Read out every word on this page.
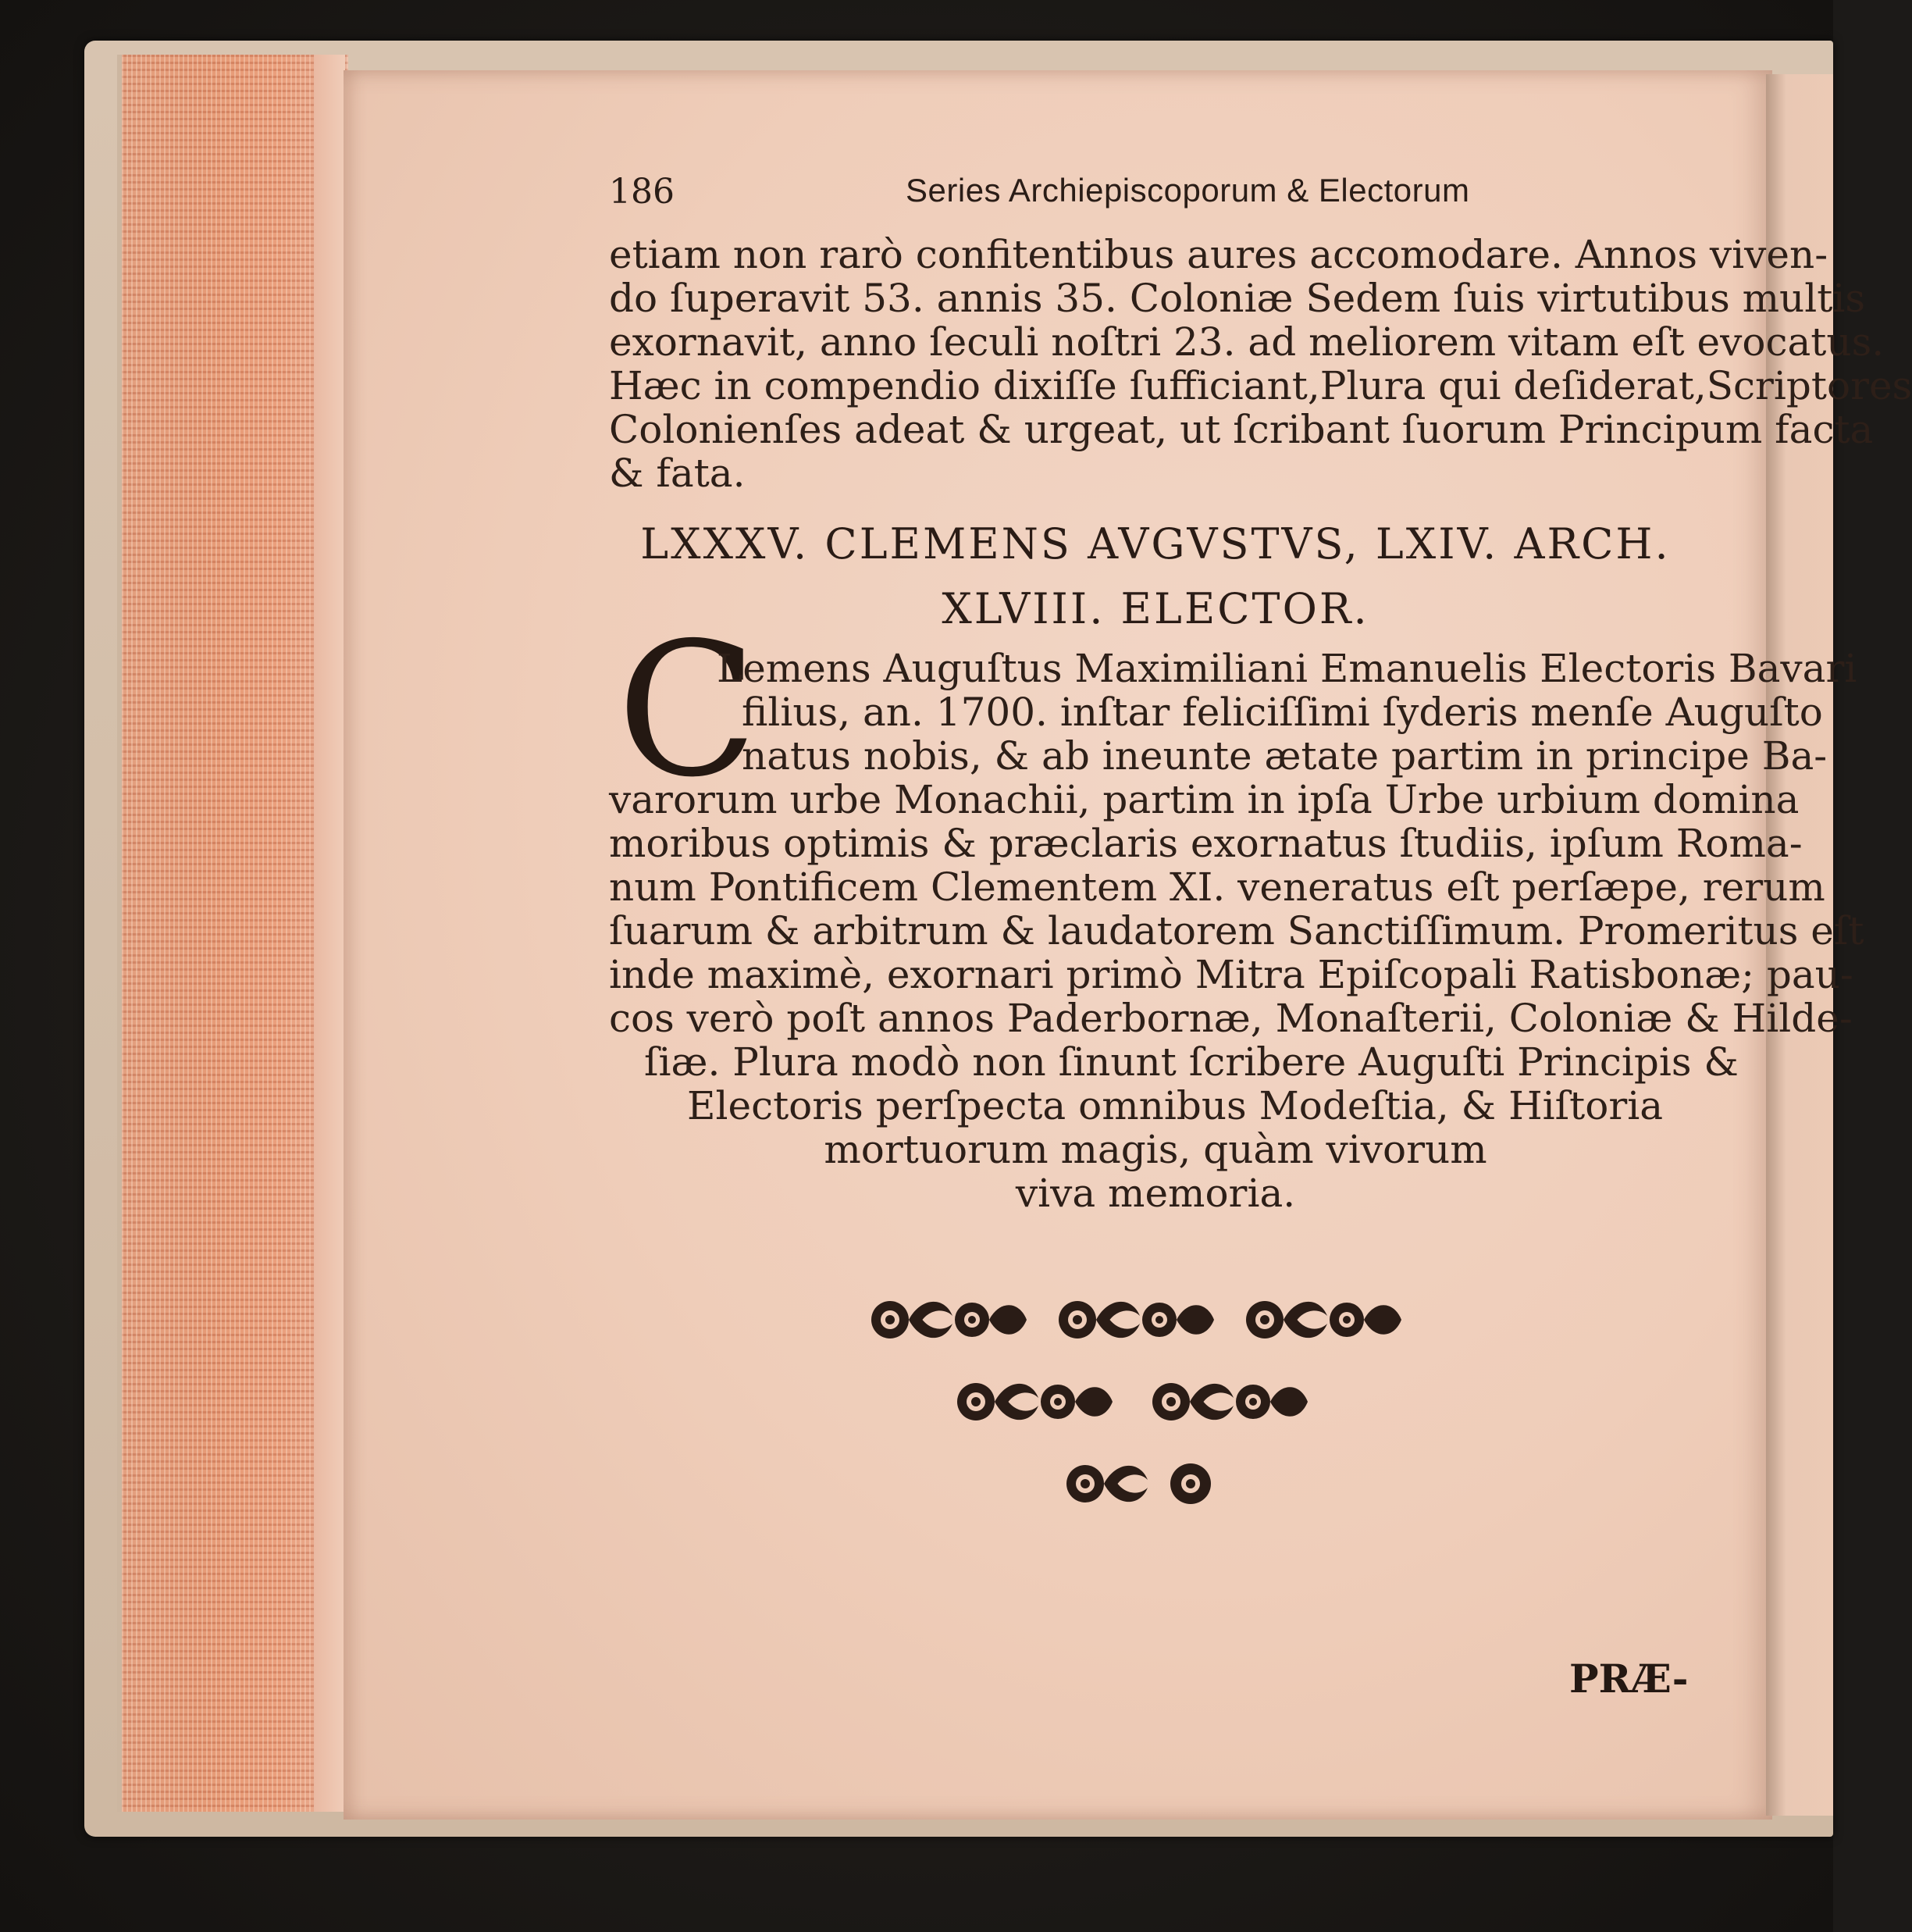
186	Series Archiepiscoporum & Electorum
etiam non rarò confitentibus aures accomodare. Annos viven-
do ſuperavit 53. annis 35. Coloniæ Sedem ſuis virtutibus multis
exornavit, anno ſeculi noſtri 23. ad meliorem vitam eſt evocatus.
Hæc in compendio dixiſſe ſufficiant,Plura qui deſiderat,Scriptores
Colonienſes adeat & urgeat, ut ſcribant ſuorum Principum facta
& fata.
LXXXV. CLEMENS AVGVSTVS, LXIV. ARCH.
XLVIII. ELECTOR.
C
Lemens Auguſtus Maximiliani Emanuelis Electoris Bavari
filius, an. 1700. inſtar feliciſſimi ſyderis menſe Auguſto
natus nobis, & ab ineunte ætate partim in principe Ba-
varorum urbe Monachii, partim in ipſa Urbe urbium domina
moribus optimis & præclaris exornatus ſtudiis, ipſum Roma-
num Pontificem Clementem XI. veneratus eſt perſæpe, rerum
ſuarum & arbitrum & laudatorem Sanctiſſimum. Promeritus eſt
inde maximè, exornari primò Mitra Epiſcopali Ratisbonæ; pau-
cos verò poſt annos Paderbornæ, Monaſterii, Coloniæ & Hilde-
ſiæ. Plura modò non ſinunt ſcribere Auguſti Principis &
Electoris perſpecta omnibus Modeſtia, & Hiſtoria
mortuorum magis, quàm vivorum
viva memoria.
PRÆ-
